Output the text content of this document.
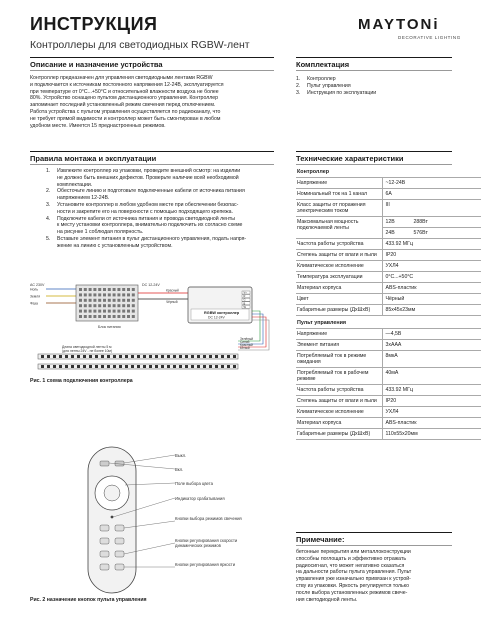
ИНСТРУКЦИЯ
Контроллеры для светодиодных RGBW-лент
MAYTONi
DECORATIVE LIGHTING
Описание и назначение устройства
Контроллер предназначен для управления светодиодными лентами RGBW
и подключается к источникам постоянного напряжения 12-24В, эксплуатируется
при температуре от 0°C...+50°C и относительной влажности воздуха не более
80%. Устройство оснащено пультом дистанционного управления. Контроллер
запоминает последний установленный режим свечения перед отключением.
Работа устройства с пультом управления осуществляется по радиоканалу, что
не требует прямой видимости и контроллер может быть смонтирован в любом
удобном месте. Имеется 15 преднастроенных режимов.
Комплектация
1.	Контроллер
2.	Пульт управления
3.	Инструкция по эксплуатации
Правила монтажа и эксплуатации
1.	Извлеките контроллер из упаковки, проведите внешний осмотр: на изделии
не должно быть внешних дефектов. Проверьте наличие всей необходимой
комплектации.
2.	Обесточьте линию и подготовьте подключенные кабели от источника питания
напряжением 12-24В.
3.	Установите контроллер в любом удобном месте при обеспечении безопас-
ности и закрепите его на поверхности с помощью подходящего крепежа.
4.	Подключите кабели от источника питания и провода светодиодной ленты
к месту установки контроллера, внимательно подключить их согласно схеме
на рисунке 1 соблюдая полярность.
5.	Вставьте элемент питания в пульт дистанционного управления, подать напря-
жение на линию с установленным устройством.
AC 230V
Ноль
Земля
Фаза
Блок питания
DC 12-24V
Красный
Чёрный
RGBW контроллер
DC 12-24V
V+
R
G
B
W
Зелёный
Синий
Красный
Белый
Длина светодиодной ленты 5 м
(для ленты 24V - не более 10м)
Рис. 1 схема подключения контроллера
Выкл.
Вкл.
Поле выбора цвета
Индикатор срабатывания
Кнопки выбора режимов свечения
Кнопки регулирования скорости динамических режимов
Кнопки регулирования яркости
Рис. 2 назначение кнопок пульта управления
Технические характеристики
Контроллер	
Напряжение	~12-24В
Номинальный ток на 1 канал	6А
Класс защиты от поражения электрическим током	III
Максимальная мощность подключаемой ленты	12В 288Вт
24В 576Вт

Частота работы устройства	433.92 МГц
Степень защиты от влаги и пыли	IP20
Климатическое исполнение	УХЛ4
Температура эксплуатации	0°C...+50°C
Материал корпуса	ABS-пластик
Цвет	Чёрный
Габаритные размеры (ДхШхВ)	85х45х23мм
Пульт управления	
Напряжение	—4,5В
Элемент питания	3хААА
Потребляемый ток в режиме ожидания	8мкА
Потребляемый ток в рабочем режиме	40мА
Частота работы устройства	433.92 МГц
Степень защиты от влаги и пыли	IP20
Климатическое исполнение	УХЛ4
Материал корпуса	ABS-пластик
Габаритные размеры (ДхШхВ)	110х55х20мм
Примечание:
бетонные перекрытия или металлоконструкции
способны поглощать и эффективно отражать
радиосигнал, что может негативно сказаться
на дальности работы пульта управления. Пульт
управления уже изначально привязан к устрой-
ству из упаковки. Яркость регулируется только
после выбора установленных режимов свече-
ния светодиодной ленты.
